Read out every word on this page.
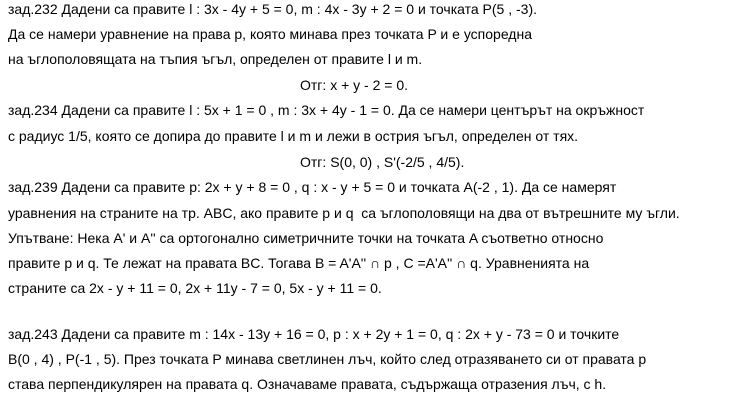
зад.232 Дадени са правите l : 3x - 4y + 5 = 0, m : 4x - 3y + 2 = 0 и точката P(5 , -3).
Да се намери уравнение на права p, която минава през точката P и е успоредна
на ъглополовящата на тъпия ъгъл, определен от правите l и m.
Отг: x + y - 2 = 0.
зад.234 Дадени са правите l : 5x + 1 = 0 , m : 3x + 4y - 1 = 0. Да се намери центърът на окръжност
с радиус 1/5, която се допира до правите l и m и лежи в острия ъгъл, определен от тях.
Отг: S(0, 0) , S'(-2/5 , 4/5).
зад.239 Дадени са правите p: 2x + y + 8 = 0 , q : x - y + 5 = 0 и точката A(-2 , 1). Да се намерят
уравнения на страните на тр. ABC, ако правите p и q  са ъглополовящи на два от вътрешните му ъгли.
Упътване: Нека A' и A'' са ортогонално симетричните точки на точката A съответно относно
правите p и q. Те лежат на правата BC. Тогава B = A'A'' ∩ p , C =A'A'' ∩ q. Уравненията на
страните са 2x - y + 11 = 0, 2x + 11y - 7 = 0, 5x - y + 11 = 0.
зад.243 Дадени са правите m : 14x - 13y + 16 = 0, p : x + 2y + 1 = 0, q : 2x + y - 73 = 0 и точките
B(0 , 4) , P(-1 , 5). През точката P минава светлинен лъч, който след отразяването си от правата p
става перпендикулярен на правата q. Означаваме правата, съдържаща отразения лъч, с h.
